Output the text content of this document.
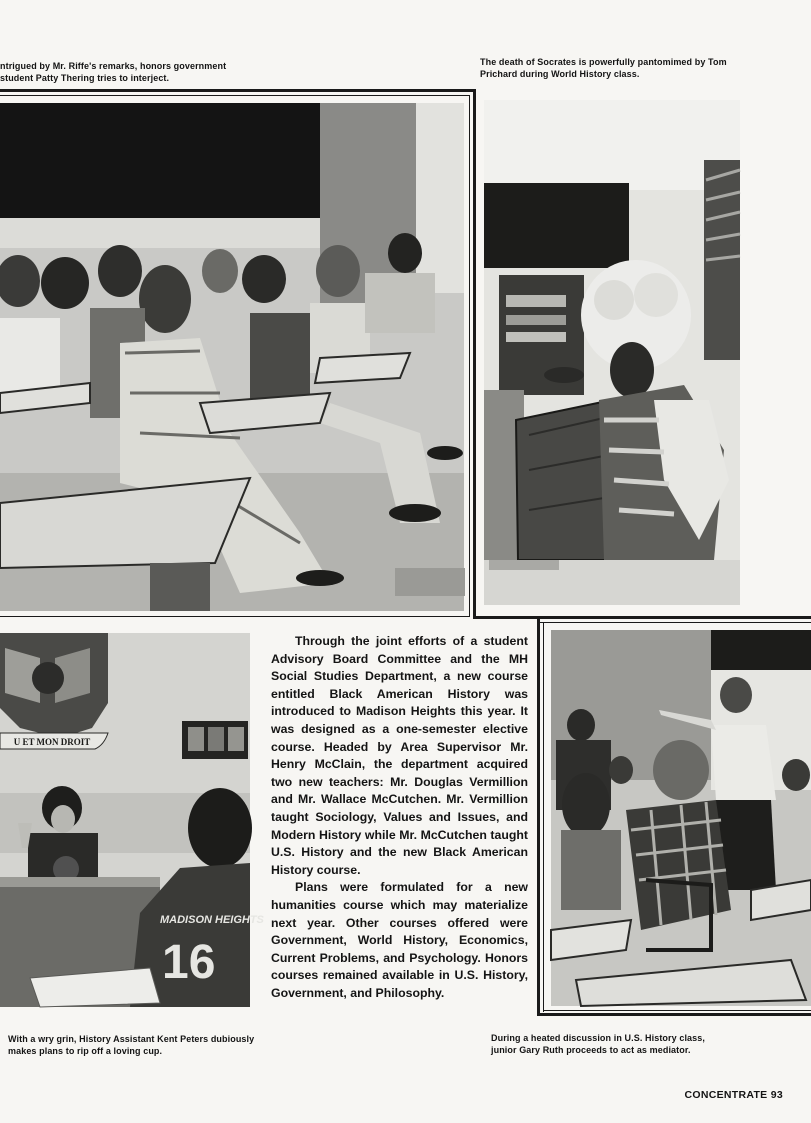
ntrigued by Mr. Riffe's remarks, honors government student Patty Thering tries to interject.
The death of Socrates is powerfully pantomimed by Tom Prichard during World History class.
U ET MON DROIT
MADISON HEIGHTS
16

Through the joint efforts of a student Advisory Board Committee and the MH Social Studies Department, a new course entitled Black American History was introduced to Madison Heights this year. It was designed as a one-semester elective course. Headed by Area Supervisor Mr. Henry McClain, the department acquired two new teachers: Mr. Douglas Vermillion and Mr. Wallace McCutchen. Mr. Vermillion taught Sociology, Values and Issues, and Modern History while Mr. McCutchen taught U.S. History and the new Black American History course.

Plans were formulated for a new humanities course which may materialize next year. Other courses offered were Government, World History, Economics, Current Problems, and Psychology. Honors courses remained available in U.S. History, Government, and Philosophy.

With a wry grin, History Assistant Kent Peters dubiously makes plans to rip off a loving cup.
During a heated discussion in U.S. History class, junior Gary Ruth proceeds to act as mediator.
CONCENTRATE 93
